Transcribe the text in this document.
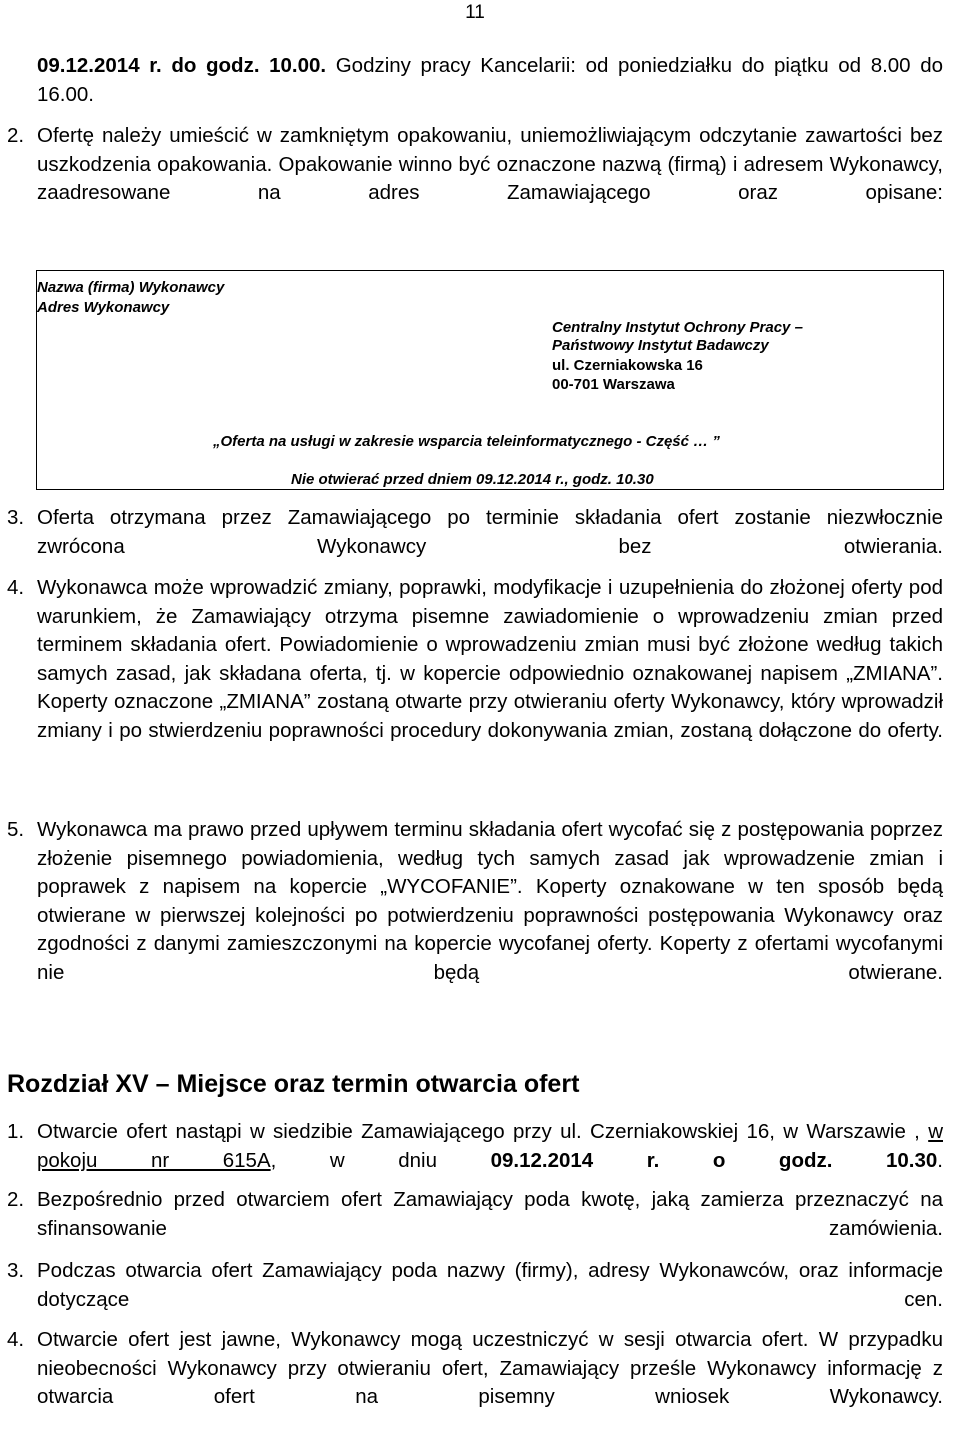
11
09.12.2014 r. do godz. 10.00. Godziny pracy Kancelarii: od poniedziałku do piątku od 8.00 do 16.00.
2. Ofertę należy umieścić w zamkniętym opakowaniu, uniemożliwiającym odczytanie zawartości bez uszkodzenia opakowania. Opakowanie winno być oznaczone nazwą (firmą) i adresem Wykonawcy, zaadresowane na adres Zamawiającego oraz opisane:
Nazwa (firma) Wykonawcy
Adres Wykonawcy
Centralny Instytut Ochrony Pracy –
Państwowy Instytut Badawczy
ul. Czerniakowska 16
00-701 Warszawa
„Oferta na usługi w zakresie wsparcia teleinformatycznego - Część … ”
Nie otwierać przed dniem 09.12.2014 r., godz. 10.30
3. Oferta otrzymana przez Zamawiającego po terminie składania ofert zostanie niezwłocznie zwrócona Wykonawcy bez otwierania.
4. Wykonawca może wprowadzić zmiany, poprawki, modyfikacje i uzupełnienia do złożonej oferty pod warunkiem, że Zamawiający otrzyma pisemne zawiadomienie o wprowadzeniu zmian przed terminem składania ofert. Powiadomienie o wprowadzeniu zmian musi być złożone według takich samych zasad, jak składana oferta, tj. w kopercie odpowiednio oznakowanej napisem „ZMIANA”. Koperty oznaczone „ZMIANA” zostaną otwarte przy otwieraniu oferty Wykonawcy, który wprowadził zmiany i po stwierdzeniu poprawności procedury dokonywania zmian, zostaną dołączone do oferty.
5. Wykonawca ma prawo przed upływem terminu składania ofert wycofać się z postępowania poprzez złożenie pisemnego powiadomienia, według tych samych zasad jak wprowadzenie zmian i poprawek z napisem na kopercie „WYCOFANIE”. Koperty oznakowane w ten sposób będą otwierane w pierwszej kolejności po potwierdzeniu poprawności postępowania Wykonawcy oraz zgodności z danymi zamieszczonymi na kopercie wycofanej oferty. Koperty z ofertami wycofanymi nie będą otwierane.
Rozdział XV – Miejsce oraz termin otwarcia ofert
1. Otwarcie ofert nastąpi w siedzibie Zamawiającego przy ul. Czerniakowskiej 16, w Warszawie , w pokoju nr 615A, w dniu 09.12.2014 r. o godz. 10.30.
2. Bezpośrednio przed otwarciem ofert Zamawiający poda kwotę, jaką zamierza przeznaczyć na sfinansowanie zamówienia.
3. Podczas otwarcia ofert Zamawiający poda nazwy (firmy), adresy Wykonawców, oraz informacje dotyczące cen.
4. Otwarcie ofert jest jawne, Wykonawcy mogą uczestniczyć w sesji otwarcia ofert. W przypadku nieobecności Wykonawcy przy otwieraniu ofert, Zamawiający prześle Wykonawcy informację z otwarcia ofert na pisemny wniosek Wykonawcy.
